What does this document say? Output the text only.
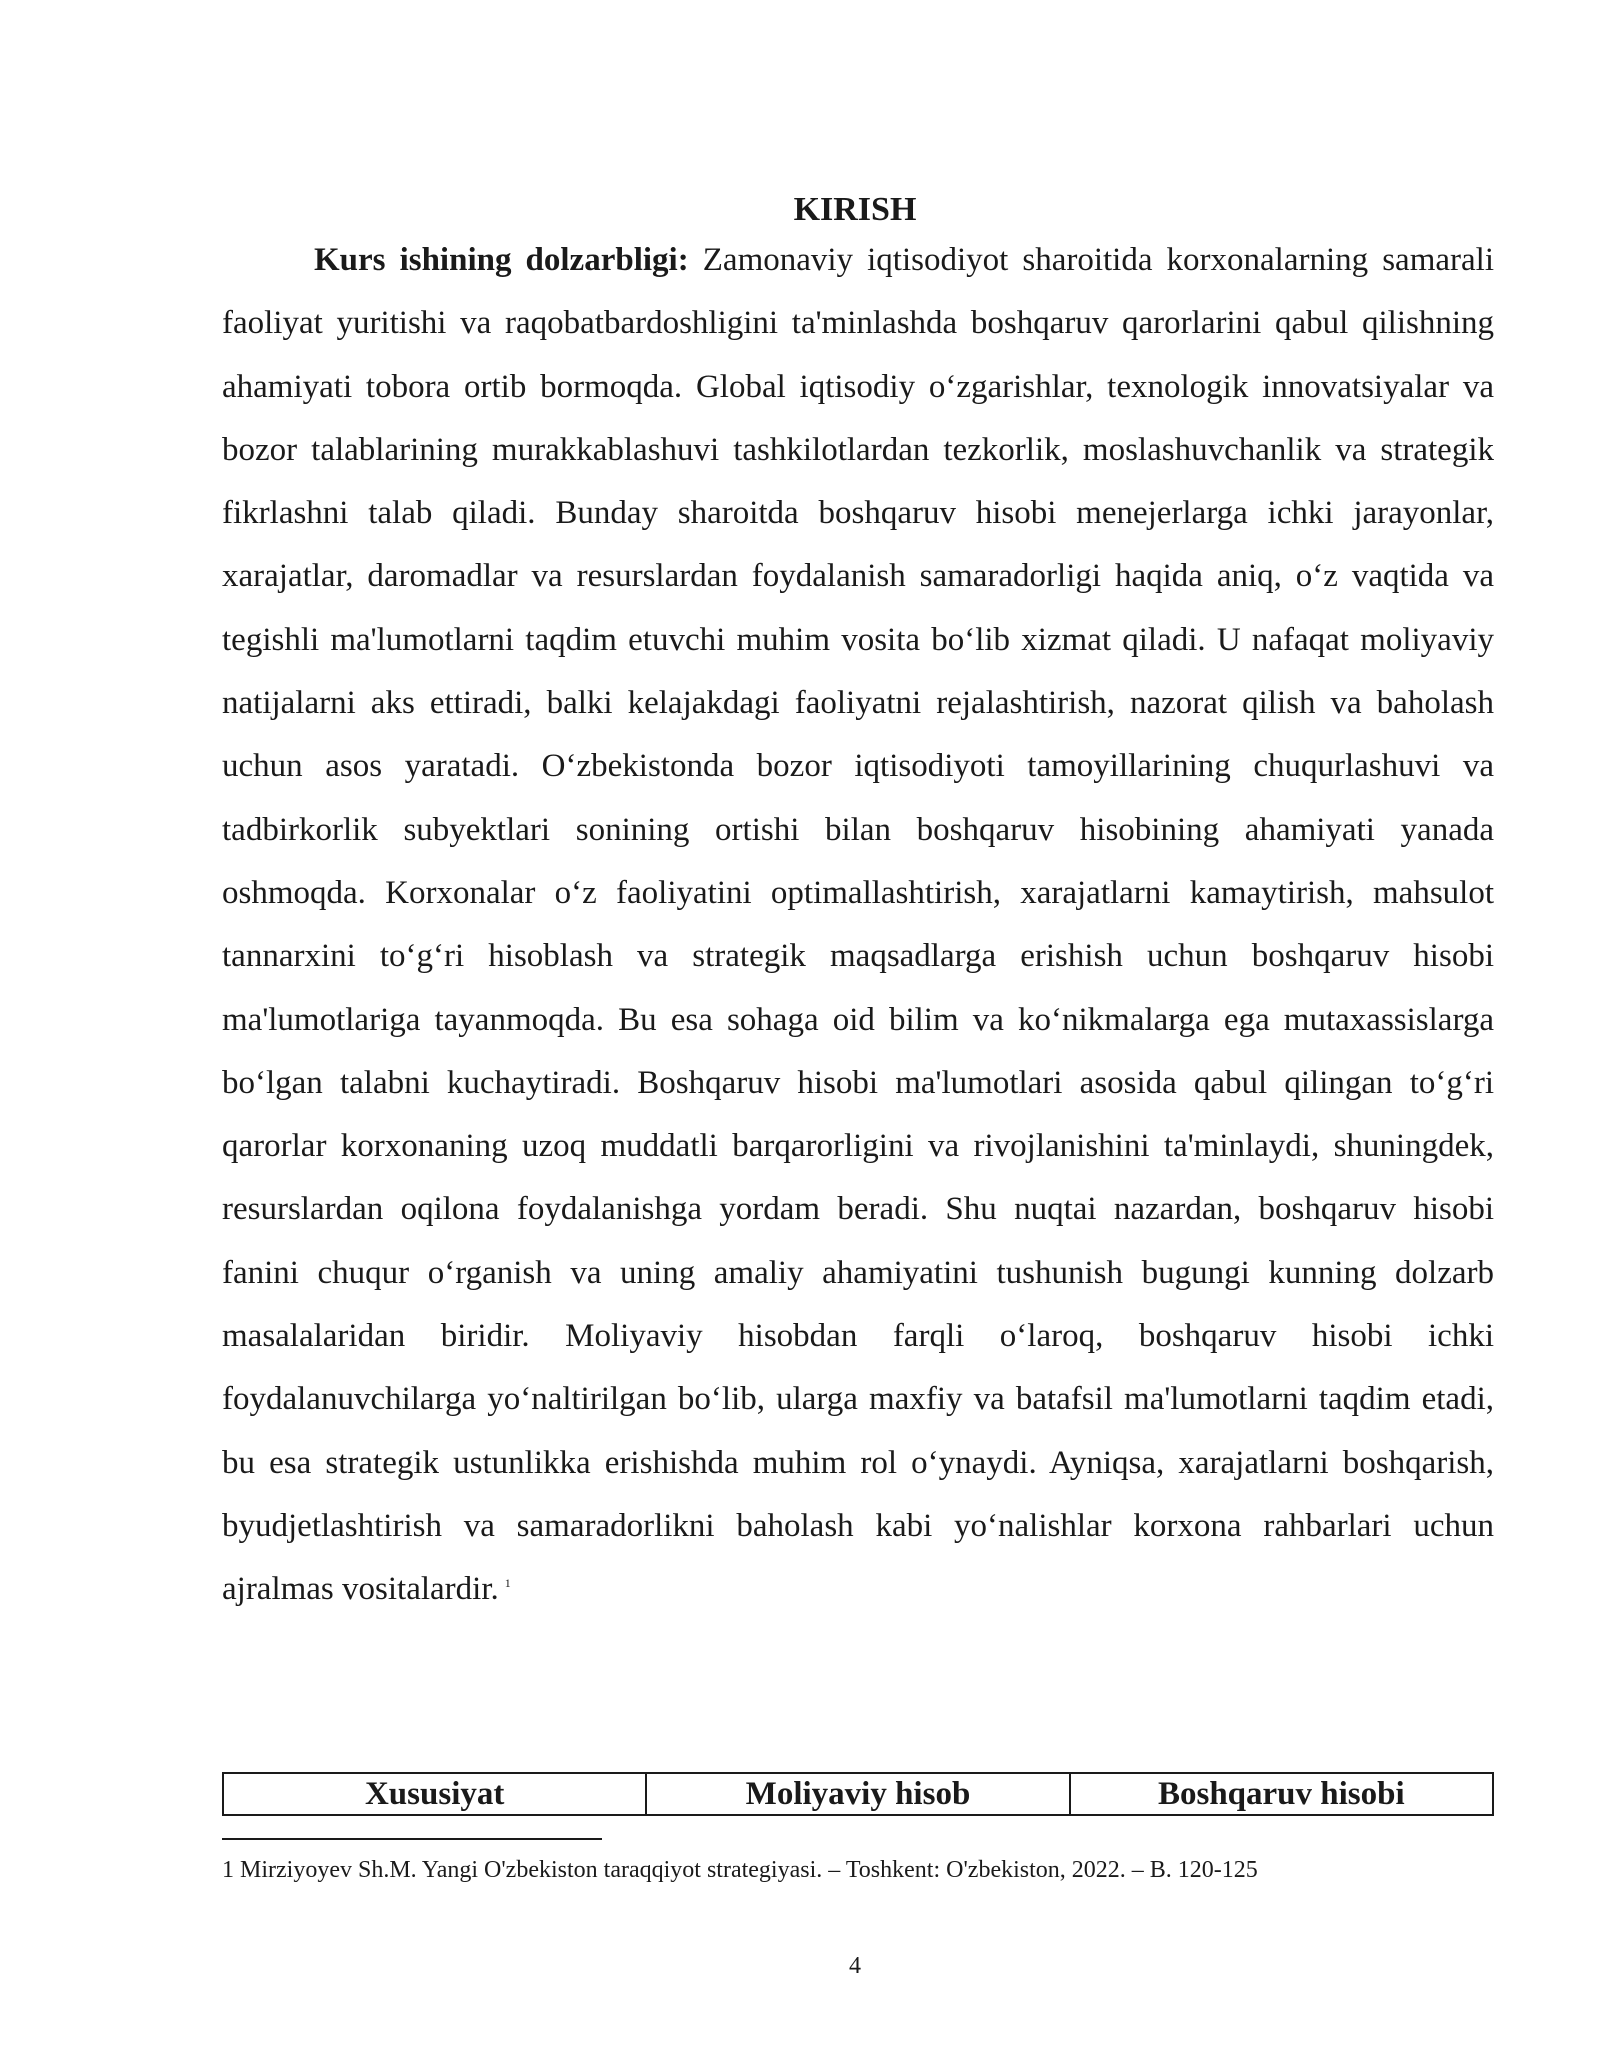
KIRISH

Kurs ishining dolzarbligi: Zamonaviy iqtisodiyot sharoitida korxonalarning samarali faoliyat yuritishi va raqobatbardoshligini ta'minlashda boshqaruv qarorlarini qabul qilishning ahamiyati tobora ortib bormoqda. Global iqtisodiy oʻzgarishlar, texnologik innovatsiyalar va bozor talablarining murakkablashuvi tashkilotlardan tezkorlik, moslashuvchanlik va strategik fikrlashni talab qiladi. Bunday sharoitda boshqaruv hisobi menejerlarga ichki jarayonlar, xarajatlar, daromadlar va resurslardan foydalanish samaradorligi haqida aniq, oʻz vaqtida va tegishli ma'lumotlarni taqdim etuvchi muhim vosita boʻlib xizmat qiladi. U nafaqat moliyaviy natijalarni aks ettiradi, balki kelajakdagi faoliyatni rejalashtirish, nazorat qilish va baholash uchun asos yaratadi. Oʻzbekistonda bozor iqtisodiyoti tamoyillarining chuqurlashuvi va tadbirkorlik subyektlari sonining ortishi bilan boshqaruv hisobining ahamiyati yanada oshmoqda. Korxonalar oʻz faoliyatini optimallashtirish, xarajatlarni kamaytirish, mahsulot tannarxini toʻgʻri hisoblash va strategik maqsadlarga erishish uchun boshqaruv hisobi ma'lumotlariga tayanmoqda. Bu esa sohaga oid bilim va koʻnikmalarga ega mutaxassislarga boʻlgan talabni kuchaytiradi. Boshqaruv hisobi ma'lumotlari asosida qabul qilingan toʻgʻri qarorlar korxonaning uzoq muddatli barqarorligini va rivojlanishini ta'minlaydi, shuningdek, resurslardan oqilona foydalanishga yordam beradi. Shu nuqtai nazardan, boshqaruv hisobi fanini chuqur oʻrganish va uning amaliy ahamiyatini tushunish bugungi kunning dolzarb masalalaridan biridir. Moliyaviy hisobdan farqli oʻlaroq, boshqaruv hisobi ichki foydalanuvchilarga yoʻnaltirilgan boʻlib, ularga maxfiy va batafsil ma'lumotlarni taqdim etadi, bu esa strategik ustunlikka erishishda muhim rol oʻynaydi. Ayniqsa, xarajatlarni boshqarish, byudjetlashtirish va samaradorlikni baholash kabi yoʻnalishlar korxona rahbarlari uchun ajralmas vositalardir. $^1$

Xususiyat	Moliyaviy hisob	Boshqaruv hisobi

1 Mirziyoyev Sh.M. Yangi O'zbekiston taraqqiyot strategiyasi. – Toshkent: O'zbekiston, 2022. – B. 120-125

4
